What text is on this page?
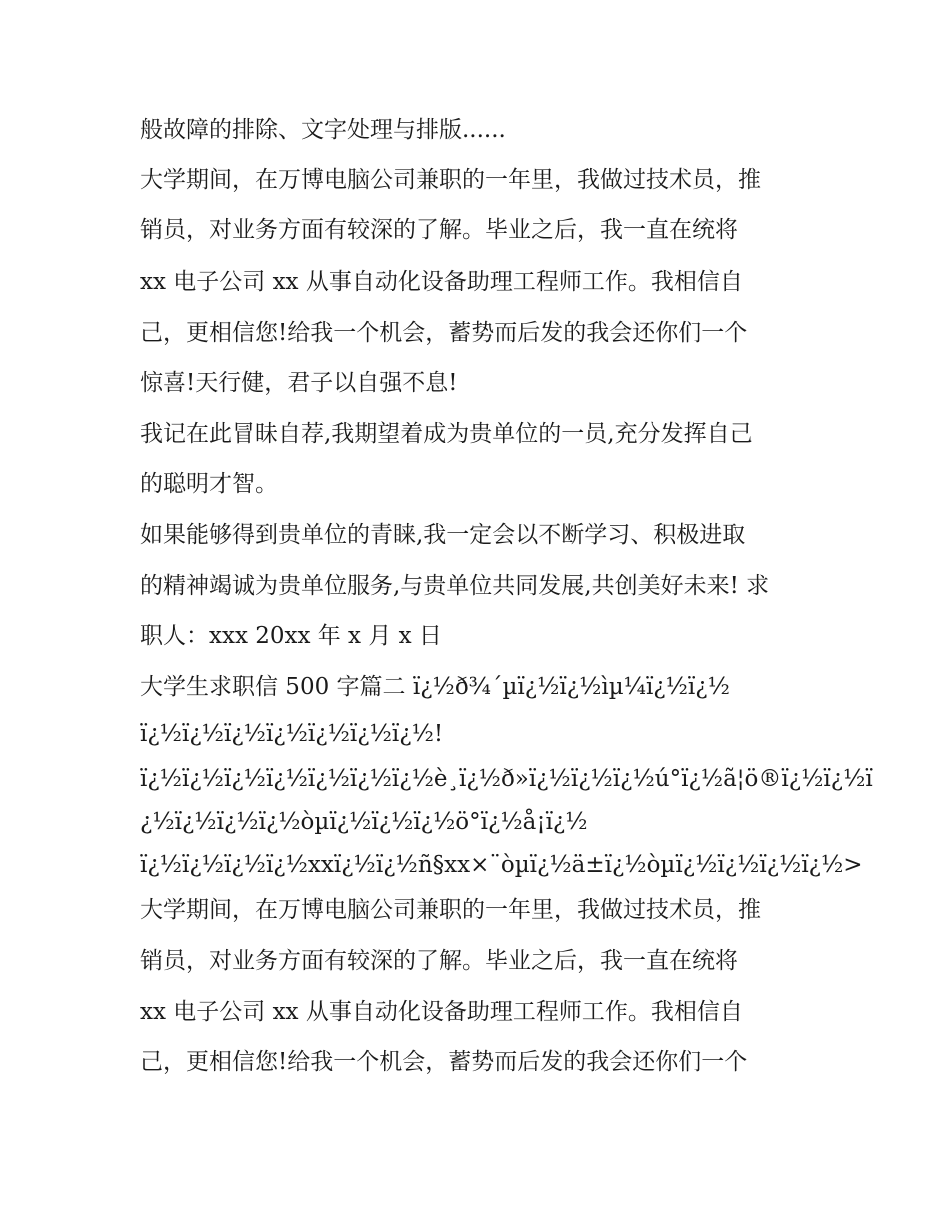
般故障的排除、文字处理与排版......

大学期间，在万博电脑公司兼职的一年里，我做过技术员，推

销员，对业务方面有较深的了解。毕业之后，我一直在统将

xx 电子公司 xx 从事自动化设备助理工程师工作。我相信自

己，更相信您!给我一个机会，蓄势而后发的我会还你们一个

惊喜!天行健，君子以自强不息!

我记在此冒昧自荐,我期望着成为贵单位的一员,充分发挥自己

的聪明才智。

如果能够得到贵单位的青睐,我一定会以不断学习、积极进取

的精神竭诚为贵单位服务,与贵单位共同发展,共创美好未来! 求

职人：xxx 20xx 年 x 月 x 日

大学生求职信 500 字篇二 ï¿½ð¾´µï¿½ï¿½ìµ¼ï¿½ï¿½

ï¿½ï¿½ï¿½ï¿½ï¿½ï¿½ï¿½!

ï¿½ï¿½ï¿½ï¿½ï¿½ï¿½ï¿½è¸ï¿½ð»ï¿½ï¿½ï¿½ú°ï¿½ã¦ö®ï¿½ï¿½ï

¿½ï¿½ï¿½ï¿½òµï¿½ï¿½ï¿½ö°ï¿½å¡ï¿½

ï¿½ï¿½ï¿½ï¿½xxï¿½ï¿½ñ§xx×¨òµï¿½ä±ï¿½òµï¿½ï¿½ï¿½ï¿½>

大学期间，在万博电脑公司兼职的一年里，我做过技术员，推

销员，对业务方面有较深的了解。毕业之后，我一直在统将

xx 电子公司 xx 从事自动化设备助理工程师工作。我相信自

己，更相信您!给我一个机会，蓄势而后发的我会还你们一个
